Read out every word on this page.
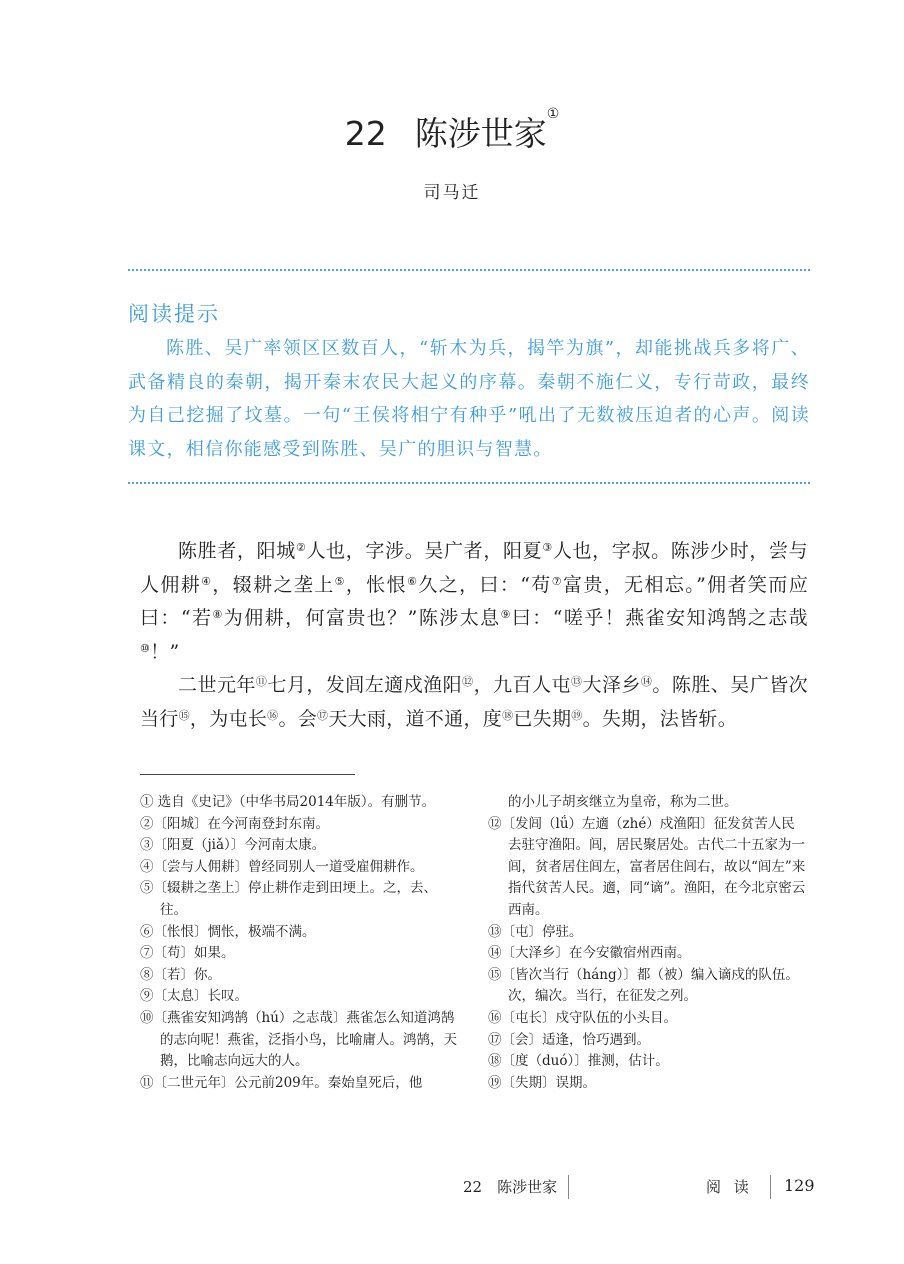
22 陈涉世家①
司马迁
阅读提示
陈胜、吴广率领区区数百人，“斩木为兵，揭竿为旗”，却能挑战兵多将广、武备精良的秦朝，揭开秦末农民大起义的序幕。秦朝不施仁义，专行苛政，最终为自己挖掘了坟墓。一句“王侯将相宁有种乎”吼出了无数被压迫者的心声。阅读课文，相信你能感受到陈胜、吴广的胆识与智慧。

陈胜者，阳城②人也，字涉。吴广者，阳夏③人也，字叔。陈涉少时，尝与人佣耕④，辍耕之垄上⑤，怅恨⑥久之，曰：“苟⑦富贵，无相忘。”佣者笑而应曰：“若⑧为佣耕，何富贵也？”陈涉太息⑨曰：“嗟乎！燕雀安知鸿鹄之志哉⑩！”

二世元年⑪七月，发闾左適戍渔阳⑫，九百人屯⑬大泽乡⑭。陈胜、吴广皆次当行⑮，为屯长⑯。会⑰天大雨，道不通，度⑱已失期⑲。失期，法皆斩。

① 选自《史记》（中华书局2014年版）。有删节。
②〔阳城〕在今河南登封东南。
③〔阳夏（jiǎ）〕今河南太康。
④〔尝与人佣耕〕曾经同别人一道受雇佣耕作。
⑤〔辍耕之垄上〕停止耕作走到田埂上。之，去、往。
⑥〔怅恨〕惆怅，极端不满。
⑦〔苟〕如果。
⑧〔若〕你。
⑨〔太息〕长叹。
⑩〔燕雀安知鸿鹄（hú）之志哉〕燕雀怎么知道鸿鹄的志向呢！燕雀，泛指小鸟，比喻庸人。鸿鹄，天鹅，比喻志向远大的人。
⑪〔二世元年〕公元前209年。秦始皇死后，他
的小儿子胡亥继立为皇帝，称为二世。
⑫〔发闾（lǘ）左適（zhé）戍渔阳〕征发贫苦人民去驻守渔阳。闾，居民聚居处。古代二十五家为一闾，贫者居住闾左，富者居住闾右，故以“闾左”来指代贫苦人民。適，同“谪”。渔阳，在今北京密云西南。
⑬〔屯〕停驻。
⑭〔大泽乡〕在今安徽宿州西南。
⑮〔皆次当行（háng）〕都（被）编入谪戍的队伍。次，编次。当行，在征发之列。
⑯〔屯长〕戍守队伍的小头目。
⑰〔会〕适逢，恰巧遇到。
⑱〔度（duó）〕推测，估计。
⑲〔失期〕误期。
22　陈涉世家	阅 读 129
